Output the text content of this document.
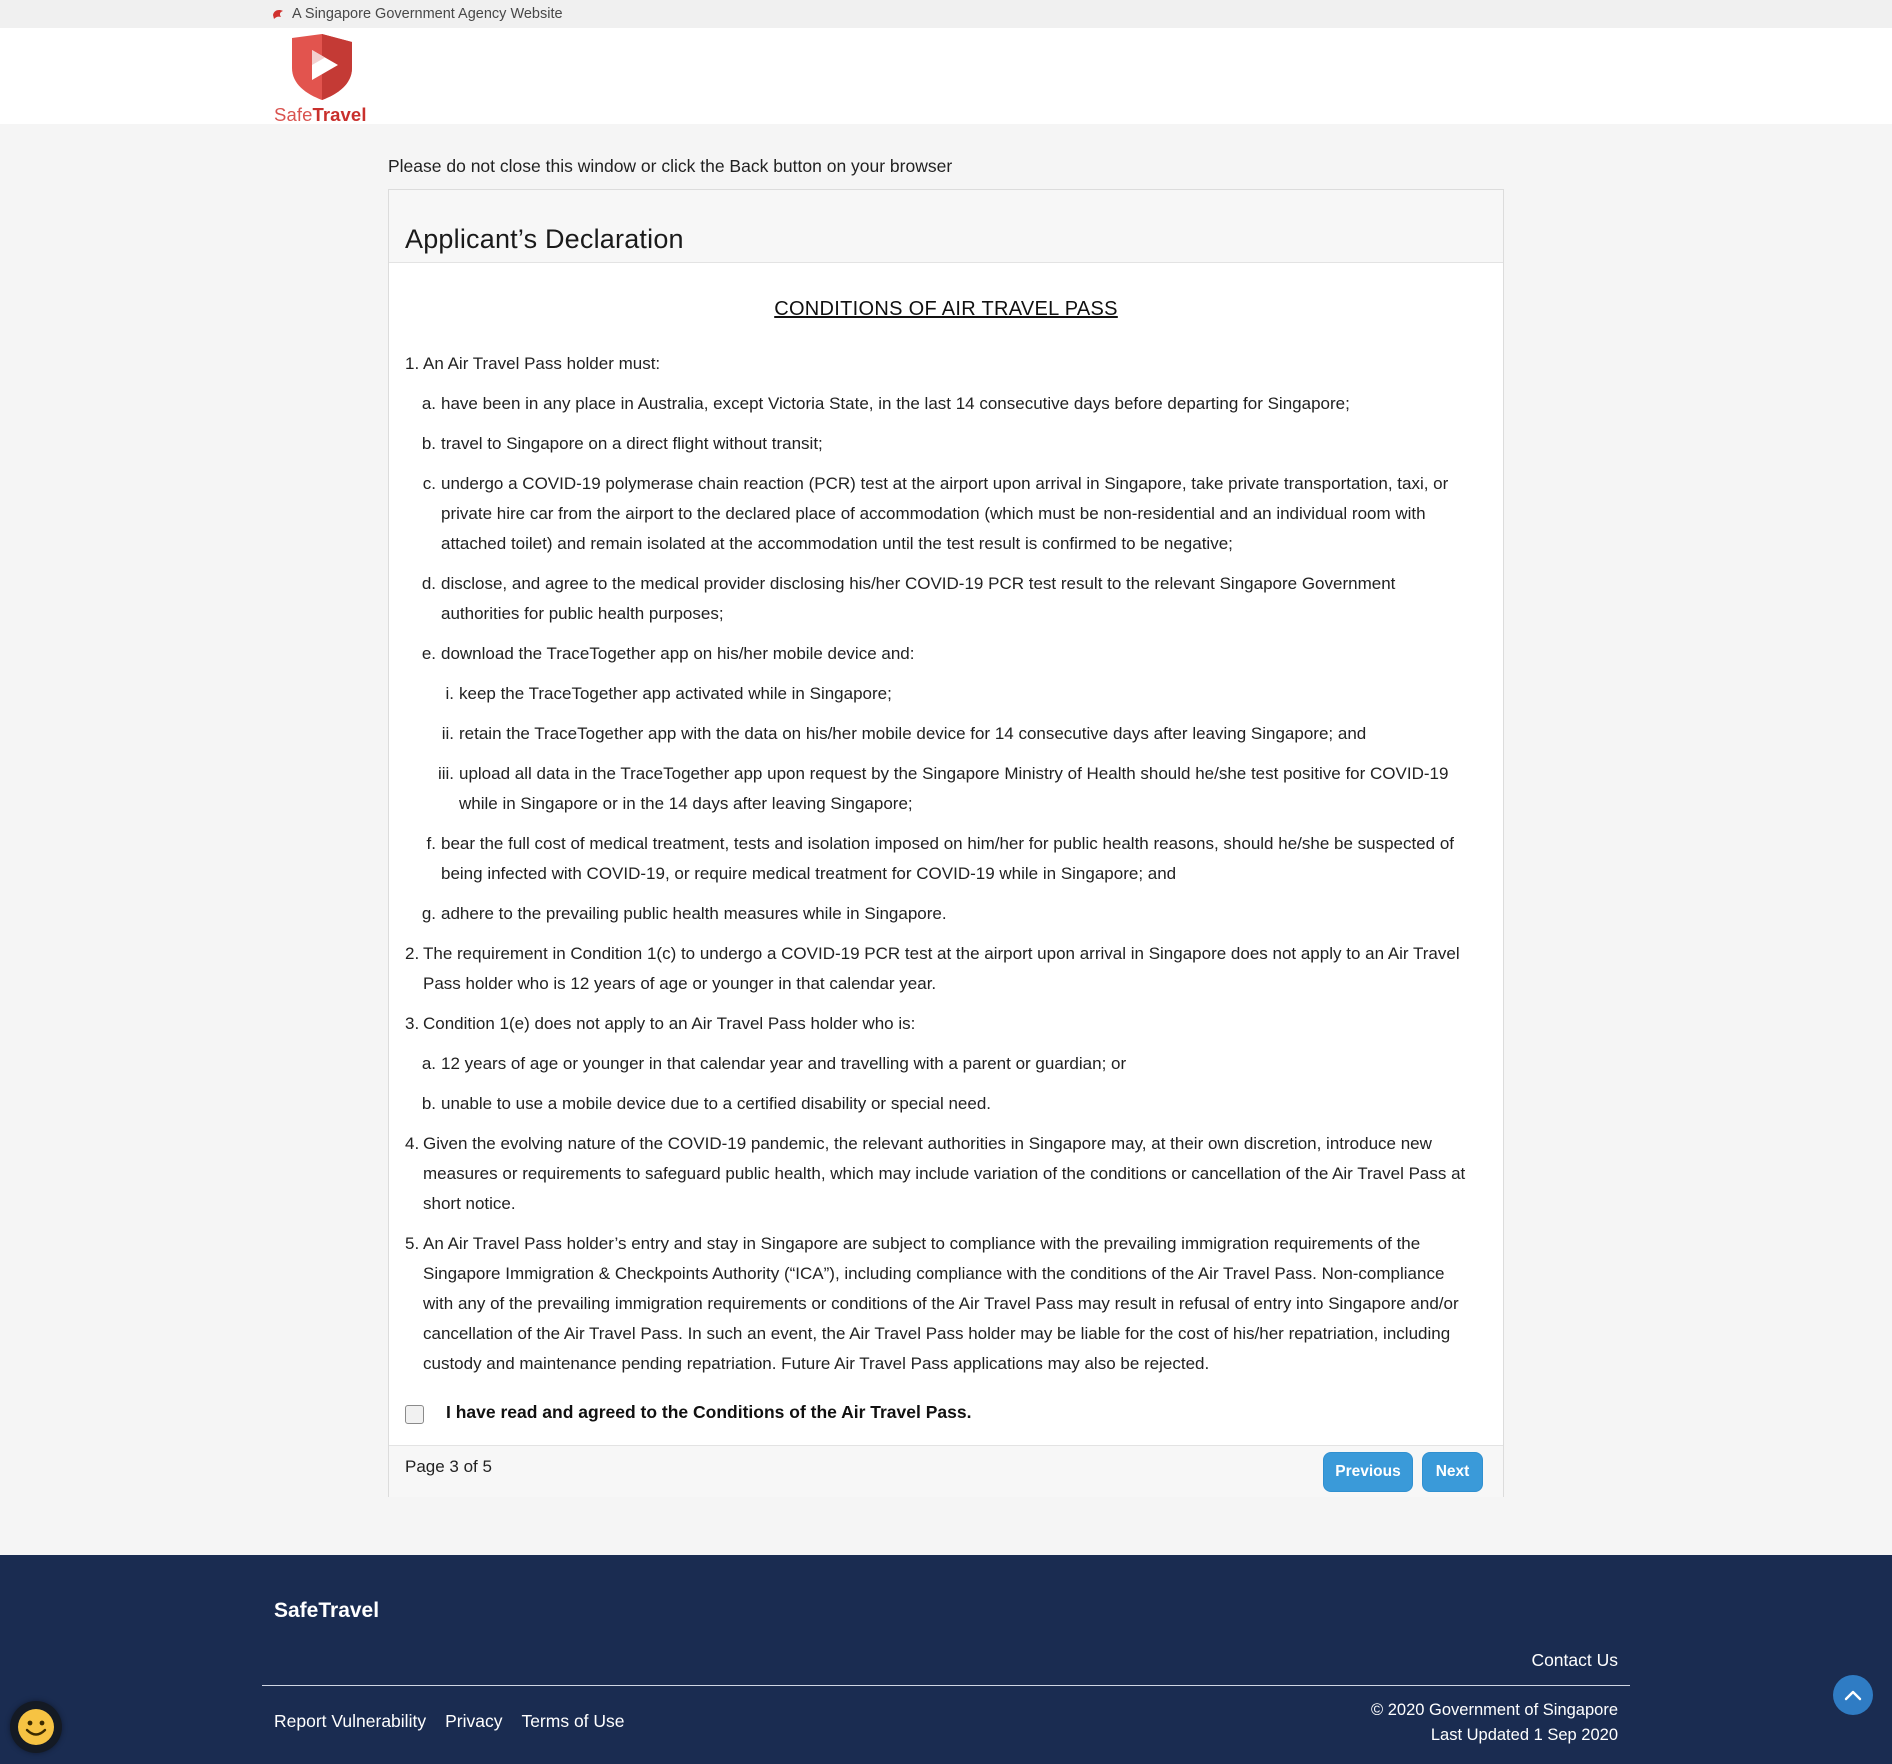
A Singapore Government Agency Website
SafeTravel
Please do not close this window or click the Back button on your browser
Applicant’s Declaration
CONDITIONS OF AIR TRAVEL PASS
1. An Air Travel Pass holder must:
a. have been in any place in Australia, except Victoria State, in the last 14 consecutive days before departing for Singapore;
b. travel to Singapore on a direct flight without transit;
c. undergo a COVID-19 polymerase chain reaction (PCR) test at the airport upon arrival in Singapore, take private transportation, taxi, or private hire car from the airport to the declared place of accommodation (which must be non-residential and an individual room with attached toilet) and remain isolated at the accommodation until the test result is confirmed to be negative;
d. disclose, and agree to the medical provider disclosing his/her COVID-19 PCR test result to the relevant Singapore Government authorities for public health purposes;
e. download the TraceTogether app on his/her mobile device and:
i. keep the TraceTogether app activated while in Singapore;
ii. retain the TraceTogether app with the data on his/her mobile device for 14 consecutive days after leaving Singapore; and
iii. upload all data in the TraceTogether app upon request by the Singapore Ministry of Health should he/she test positive for COVID-19 while in Singapore or in the 14 days after leaving Singapore;
f. bear the full cost of medical treatment, tests and isolation imposed on him/her for public health reasons, should he/she be suspected of being infected with COVID-19, or require medical treatment for COVID-19 while in Singapore; and
g. adhere to the prevailing public health measures while in Singapore.
2. The requirement in Condition 1(c) to undergo a COVID-19 PCR test at the airport upon arrival in Singapore does not apply to an Air Travel Pass holder who is 12 years of age or younger in that calendar year.
3. Condition 1(e) does not apply to an Air Travel Pass holder who is:
a. 12 years of age or younger in that calendar year and travelling with a parent or guardian; or
b. unable to use a mobile device due to a certified disability or special need.
4. Given the evolving nature of the COVID-19 pandemic, the relevant authorities in Singapore may, at their own discretion, introduce new measures or requirements to safeguard public health, which may include variation of the conditions or cancellation of the Air Travel Pass at short notice.
5. An Air Travel Pass holder’s entry and stay in Singapore are subject to compliance with the prevailing immigration requirements of the Singapore Immigration & Checkpoints Authority (“ICA”), including compliance with the conditions of the Air Travel Pass. Non-compliance with any of the prevailing immigration requirements or conditions of the Air Travel Pass may result in refusal of entry into Singapore and/or cancellation of the Air Travel Pass. In such an event, the Air Travel Pass holder may be liable for the cost of his/her repatriation, including custody and maintenance pending repatriation. Future Air Travel Pass applications may also be rejected.
I have read and agreed to the Conditions of the Air Travel Pass.
Page 3 of 5	Previous	Next
SafeTravel
Contact Us
Report Vulnerability Privacy Terms of Use
© 2020 Government of Singapore
Last Updated 1 Sep 2020
